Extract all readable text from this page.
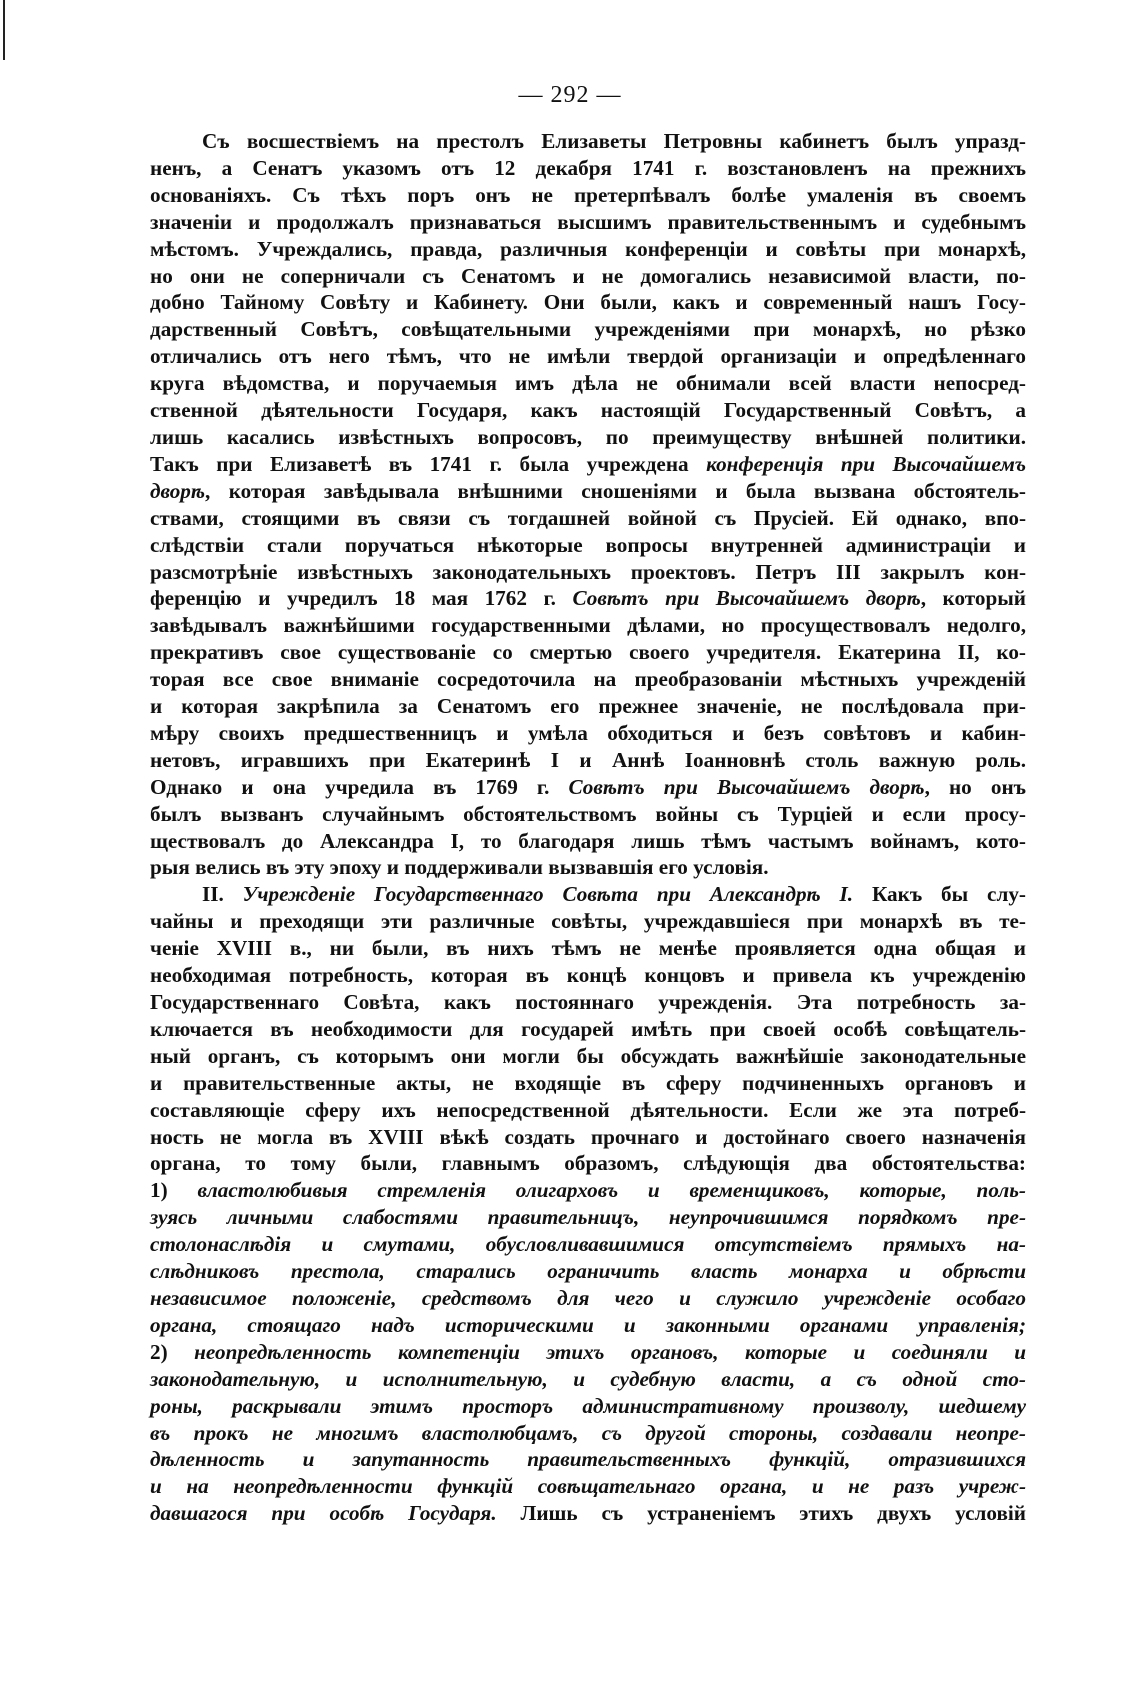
— 292 —
Съ восшествіемъ на престолъ Елизаветы Петровны кабинетъ былъ упразд-
ненъ, а Сенатъ указомъ отъ 12 декабря 1741 г. возстановленъ на прежнихъ
основаніяхъ. Съ тѣхъ поръ онъ не претерпѣвалъ болѣе умаленія въ своемъ
значеніи и продолжалъ признаваться высшимъ правительственнымъ и судебнымъ
мѣстомъ. Учреждались, правда, различныя конференціи и совѣты при монархѣ,
но они не соперничали съ Сенатомъ и не домогались независимой власти, по-
добно Тайному Совѣту и Кабинету. Они были, какъ и современный нашъ Госу-
дарственный Совѣтъ, совѣщательными учрежденіями при монархѣ, но рѣзко
отличались отъ него тѣмъ, что не имѣли твердой организаціи и опредѣленнаго
круга вѣдомства, и поручаемыя имъ дѣла не обнимали всей власти непосред-
ственной дѣятельности Государя, какъ настоящій Государственный Совѣтъ, а
лишь касались извѣстныхъ вопросовъ, по преимуществу внѣшней политики.
Такъ при Елизаветѣ въ 1741 г. была учреждена конференція при Высочайшемъ
дворѣ, которая завѣдывала внѣшними сношеніями и была вызвана обстоятель-
ствами, стоящими въ связи съ тогдашней войной съ Прусіей. Ей однако, впо-
слѣдствіи стали поручаться нѣкоторые вопросы внутренней администраціи и
разсмотрѣніе извѣстныхъ законодательныхъ проектовъ. Петръ III закрылъ кон-
ференцію и учредилъ 18 мая 1762 г. Совѣтъ при Высочайшемъ дворѣ, который
завѣдывалъ важнѣйшими государственными дѣлами, но просуществовалъ недолго,
прекративъ свое существованіе со смертью своего учредителя. Екатерина II, ко-
торая все свое вниманіе сосредоточила на преобразованіи мѣстныхъ учрежденій
и которая закрѣпила за Сенатомъ его прежнее значеніе, не послѣдовала при-
мѣру своихъ предшественницъ и умѣла обходиться и безъ совѣтовъ и кабин-
нетовъ, игравшихъ при Екатеринѣ I и Аннѣ Іоанновнѣ столь важную роль.
Однако и она учредила въ 1769 г. Совѣтъ при Высочайшемъ дворѣ, но онъ
былъ вызванъ случайнымъ обстоятельствомъ войны съ Турціей и если просу-
ществовалъ до Александра I, то благодаря лишь тѣмъ частымъ войнамъ, кото-
рыя велись въ эту эпоху и поддерживали вызвавшія его условія.
II. Учрежденіе Государственнаго Совѣта при Александрѣ I. Какъ бы слу-
чайны и преходящи эти различные совѣты, учреждавшіеся при монархѣ въ те-
ченіе XVIII в., ни были, въ нихъ тѣмъ не менѣе проявляется одна общая и
необходимая потребность, которая въ концѣ концовъ и привела къ учрежденію
Государственнаго Совѣта, какъ постояннаго учрежденія. Эта потребность за-
ключается въ необходимости для государей имѣть при своей особѣ совѣщатель-
ный органъ, съ которымъ они могли бы обсуждать важнѣйшіе законодательные
и правительственные акты, не входящіе въ сферу подчиненныхъ органовъ и
составляющіе сферу ихъ непосредственной дѣятельности. Если же эта потреб-
ность не могла въ XVIII вѣкѣ создать прочнаго и достойнаго своего назначенія
органа, то тому были, главнымъ образомъ, слѣдующія два обстоятельства:
1) властолюбивыя стремленія олигарховъ и временщиковъ, которые, поль-
зуясь личными слабостями правительницъ, неупрочившимся порядкомъ пре-
столонаслѣдія и смутами, обусловливавшимися отсутствіемъ прямыхъ на-
слѣдниковъ престола, старались ограничить власть монарха и обрѣсти
независимое положеніе, средствомъ для чего и служило учрежденіе особаго
органа, стоящаго надъ историческими и законными органами управленія;
2) неопредѣленность компетенціи этихъ органовъ, которые и соединяли и
законодательную, и исполнительную, и судебную власти, а съ одной сто-
роны, раскрывали этимъ просторъ административному произволу, шедшему
въ прокъ не многимъ властолюбцамъ, съ другой стороны, создавали неопре-
дѣленность и запутанность правительственныхъ функцій, отразившихся
и на неопредѣленности функцій совѣщательнаго органа, и не разъ учреж-
давшагося при особѣ Государя. Лишь съ устраненіемъ этихъ двухъ условій
